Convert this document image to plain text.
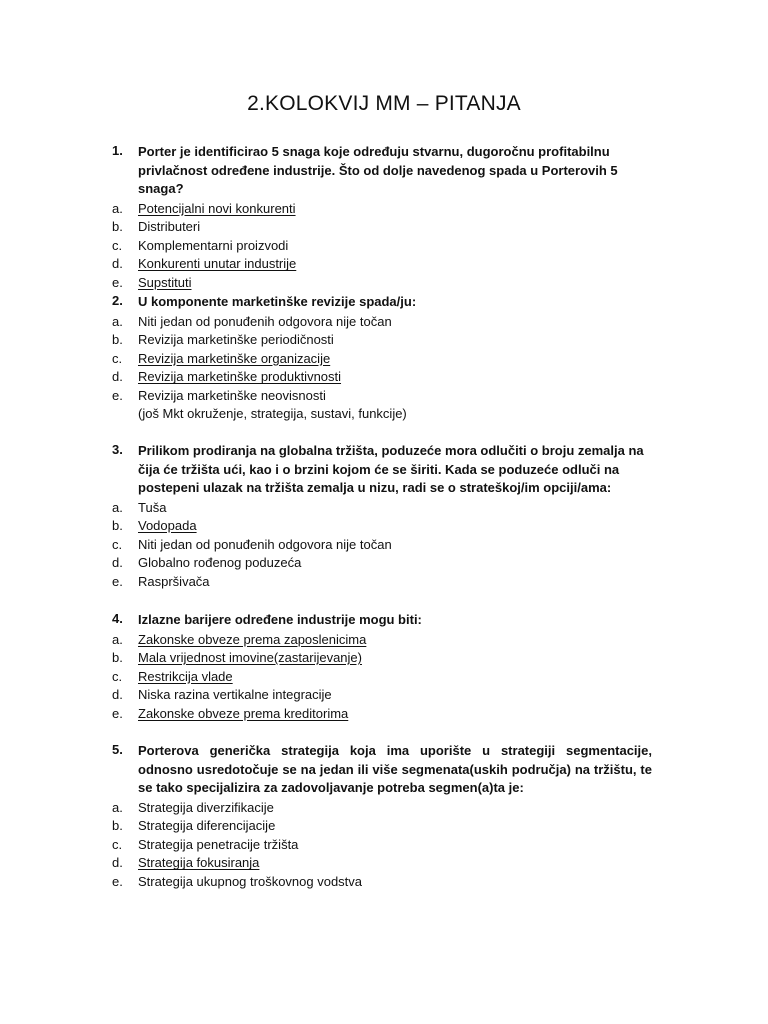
2.KOLOKVIJ MM – PITANJA
1.	Porter je identificirao 5 snaga koje određuju stvarnu, dugoročnu profitabilnu privlačnost određene industrije. Što od dolje navedenog spada u Porterovih 5 snaga?
a.	Potencijalni novi konkurenti
b.	Distributeri
c.	Komplementarni proizvodi
d.	Konkurenti unutar industrije
e.	Supstituti
2.	U komponente marketinške revizije spada/ju:
a.	Niti jedan od ponuđenih odgovora nije točan
b.	Revizija marketinške periodičnosti
c.	Revizija marketinške organizacije
d.	Revizija marketinške produktivnosti
e.	Revizija marketinške neovisnosti
(još Mkt okruženje, strategija, sustavi, funkcije)
3.	Prilikom prodiranja na globalna tržišta, poduzeće mora odlučiti o broju zemalja na čija će tržišta ući, kao i o brzini kojom će se širiti. Kada se poduzeće odluči na postepeni ulazak na tržišta zemalja u nizu, radi se o strateškoj/im opciji/ama:
a.	Tuša
b.	Vodopada
c.	Niti jedan od ponuđenih odgovora nije točan
d.	Globalno rođenog poduzeća
e.	Raspršivača
4.	Izlazne barijere određene industrije mogu biti:
a.	Zakonske obveze prema zaposlenicima
b.	Mala vrijednost imovine(zastarijevanje)
c.	Restrikcija vlade
d.	Niska razina vertikalne integracije
e.	Zakonske obveze prema kreditorima
5.	Porterova generička strategija koja ima uporište u strategiji segmentacije, odnosno usredotočuje se na jedan ili više segmenata(uskih područja) na tržištu, te se tako specijalizira za zadovoljavanje potreba segmen(a)ta je:
a.	Strategija diverzifikacije
b.	Strategija diferencijacije
c.	Strategija penetracije tržišta
d.	Strategija fokusiranja
e.	Strategija ukupnog troškovnog vodstva
